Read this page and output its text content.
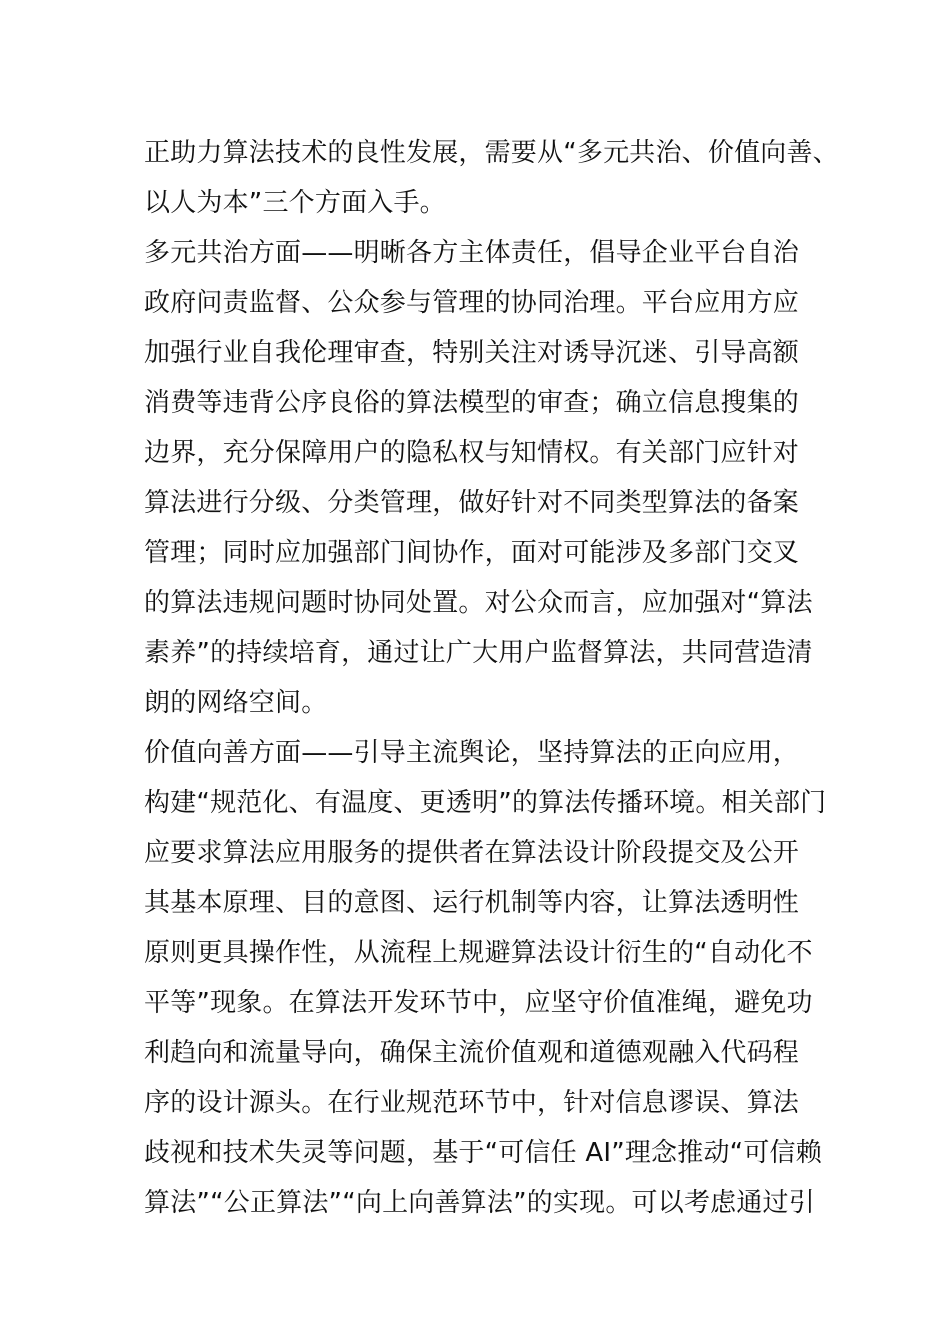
正助力算法技术的良性发展，需要从“多元共治、价值向善、
以人为本”三个方面入手。
多元共治方面——明晰各方主体责任，倡导企业平台自治
政府问责监督、公众参与管理的协同治理。平台应用方应
加强行业自我伦理审查，特别关注对诱导沉迷、引导高额
消费等违背公序良俗的算法模型的审查；确立信息搜集的
边界，充分保障用户的隐私权与知情权。有关部门应针对
算法进行分级、分类管理，做好针对不同类型算法的备案
管理；同时应加强部门间协作，面对可能涉及多部门交叉
的算法违规问题时协同处置。对公众而言，应加强对“算法
素养”的持续培育，通过让广大用户监督算法，共同营造清
朗的网络空间。
价值向善方面——引导主流舆论，坚持算法的正向应用，
构建“规范化、有温度、更透明”的算法传播环境。相关部门
应要求算法应用服务的提供者在算法设计阶段提交及公开
其基本原理、目的意图、运行机制等内容，让算法透明性
原则更具操作性，从流程上规避算法设计衍生的“自动化不
平等”现象。在算法开发环节中，应坚守价值准绳，避免功
利趋向和流量导向，确保主流价值观和道德观融入代码程
序的设计源头。在行业规范环节中，针对信息谬误、算法
歧视和技术失灵等问题，基于“可信任 AI”理念推动“可信赖
算法”“公正算法”“向上向善算法”的实现。可以考虑通过引
